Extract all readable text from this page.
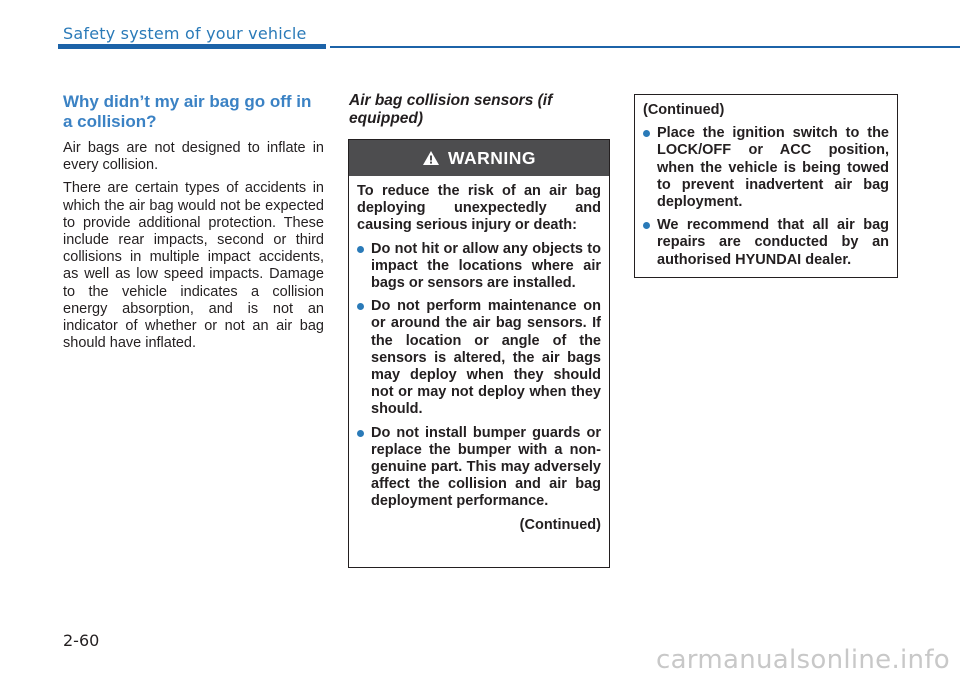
Safety system of your vehicle
Why didn’t my air bag go off in a collision?

Air bags are not designed to inflate in every collision.

There are certain types of accidents in which the air bag would not be expected to provide additional protection. These include rear impacts, second or third collisions in multiple impact accidents, as well as low speed impacts. Damage to the vehicle indicates a collision energy absorption, and is not an indicator of whether or not an air bag should have inflated.

Air bag collision sensors (if equipped)
WARNING

To reduce the risk of an air bag deploying unexpectedly and causing serious injury or death:

Do not hit or allow any objects to impact the locations where air bags or sensors are installed.
Do not perform maintenance on or around the air bag sensors. If the location or angle of the sensors is altered, the air bags may deploy when they should not or may not deploy when they should.
Do not install bumper guards or replace the bumper with a non-genuine part. This may adversely affect the collision and air bag deployment performance.
(Continued)

(Continued)

Place the ignition switch to the LOCK/OFF or ACC position, when the vehicle is being towed to prevent inadvertent air bag deployment.
We recommend that all air bag repairs are conducted by an authorised HYUNDAI dealer.
2-60
carmanualsonline.info
